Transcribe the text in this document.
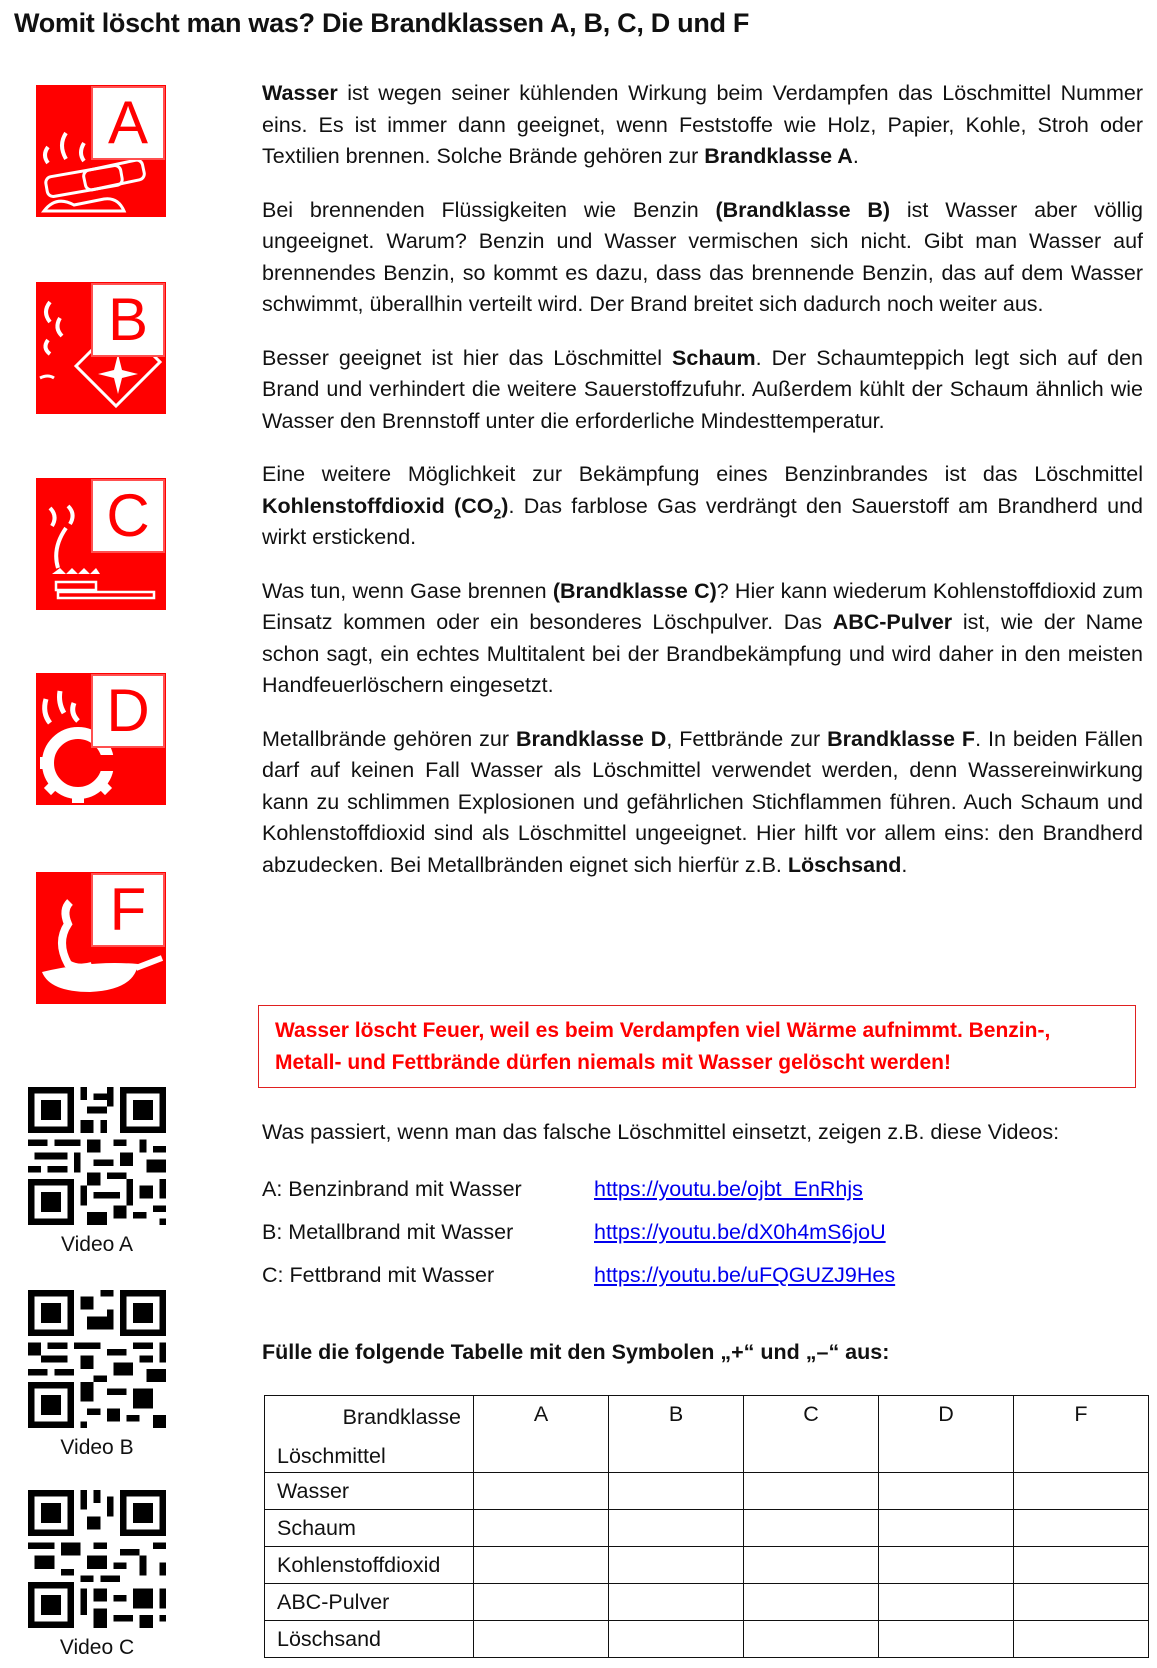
Womit löscht man was? Die Brandklassen A, B, C, D und F
A
B
C
D
F

Wasser ist wegen seiner kühlenden Wirkung beim Verdampfen das Löschmittel Nummer eins. Es ist immer dann geeignet, wenn Feststoffe wie Holz, Papier, Kohle, Stroh oder Textilien brennen. Solche Brände gehören zur Brandklasse A.

Bei brennenden Flüssigkeiten wie Benzin (Brandklasse B) ist Wasser aber völlig ungeeignet. Warum? Benzin und Wasser vermischen sich nicht. Gibt man Wasser auf brennendes Benzin, so kommt es dazu, dass das brennende Benzin, das auf dem Wasser schwimmt, überallhin verteilt wird. Der Brand breitet sich dadurch noch weiter aus.

Besser geeignet ist hier das Löschmittel Schaum. Der Schaumteppich legt sich auf den Brand und verhindert die weitere Sauerstoffzufuhr. Außerdem kühlt der Schaum ähnlich wie Wasser den Brennstoff unter die erforderliche Mindesttemperatur.

Eine weitere Möglichkeit zur Bekämpfung eines Benzinbrandes ist das Löschmittel Kohlenstoffdioxid $(CO_2)$. Das farblose Gas verdrängt den Sauerstoff am Brandherd und wirkt erstickend.

Was tun, wenn Gase brennen (Brandklasse C)? Hier kann wiederum Kohlenstoffdioxid zum Einsatz kommen oder ein besonderes Löschpulver. Das ABC-Pulver ist, wie der Name schon sagt, ein echtes Multitalent bei der Brandbekämpfung und wird daher in den meisten Handfeuerlöschern eingesetzt.

Metallbrände gehören zur Brandklasse D, Fettbrände zur Brandklasse F. In beiden Fällen darf auf keinen Fall Wasser als Löschmittel verwendet werden, denn Wassereinwirkung kann zu schlimmen Explosionen und gefährlichen Stichflammen führen. Auch Schaum und Kohlenstoffdioxid sind als Löschmittel ungeeignet. Hier hilft vor allem eins: den Brandherd abzudecken. Bei Metallbränden eignet sich hierfür z.B. Löschsand.

Wasser löscht Feuer, weil es beim Verdampfen viel Wärme aufnimmt. Benzin-, Metall- und Fettbrände dürfen niemals mit Wasser gelöscht werden!
Was passiert, wenn man das falsche Löschmittel einsetzt, zeigen z.B. diese Videos:
A: Benzinbrand mit Wasser	https://youtu.be/ojbt_EnRhjs
B: Metallbrand mit Wasser	https://youtu.be/dX0h4mS6joU
C: Fettbrand mit Wasser	https://youtu.be/uFQGUZJ9Hes
Video A
Video B
Video C
Fülle die folgende Tabelle mit den Symbolen „+“ und „–“ aus:
Brandklasse
Löschmittel	A	B	C	D	F
Wasser					
Schaum					
Kohlenstoffdioxid					
ABC-Pulver					
Löschsand					
